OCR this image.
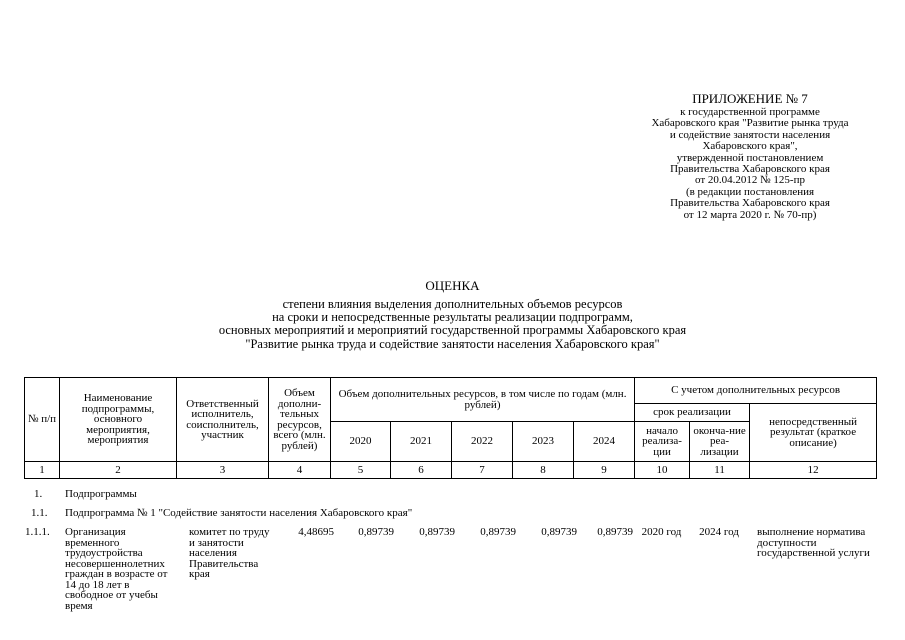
ПРИЛОЖЕНИЕ № 7
к государственной программе
Хабаровского края "Развитие рынка труда
и содействие занятости населения
Хабаровского края",
утвержденной постановлением
Правительства Хабаровского края
от 20.04.2012 № 125-пр
(в редакции постановления
Правительства Хабаровского края
от 12 марта 2020 г. № 70-пр)
ОЦЕНКА
степени влияния выделения дополнительных объемов ресурсов
на сроки и непосредственные результаты реализации подпрограмм,
основных мероприятий и мероприятий государственной программы Хабаровского края
"Развитие рынка труда и содействие занятости населения Хабаровского края"
№ п/п	Наименование подпрограммы, основного мероприятия, мероприятия	Ответственный исполнитель, соисполнитель, участник	Объем дополни-тельных ресурсов, всего (млн. рублей)	Объем дополнительных ресурсов, в том числе по годам (млн. рублей)					С учетом дополнительных ресурсов		
									срок реализации		непосредственный результат (краткое описание)
				2020	2021	2022	2023	2024	начало реализа-ции	оконча-ние реа-лизации	
1	2	3	4	5	6	7	8	9	10	11	12
1.	Подпрограммы										
1.1.	Подпрограмма № 1 "Содействие занятости населения Хабаровского края"										
1.1.1.	Организация временного трудоустройства несовершеннолетних граждан в возрасте от 14 до 18 лет в свободное от учебы время	комитет по труду и занятости населения Правительства края	4,48695	0,89739	0,89739	0,89739	0,89739	0,89739	2020 год	2024 год	выполнение норматива доступности государственной услуги
